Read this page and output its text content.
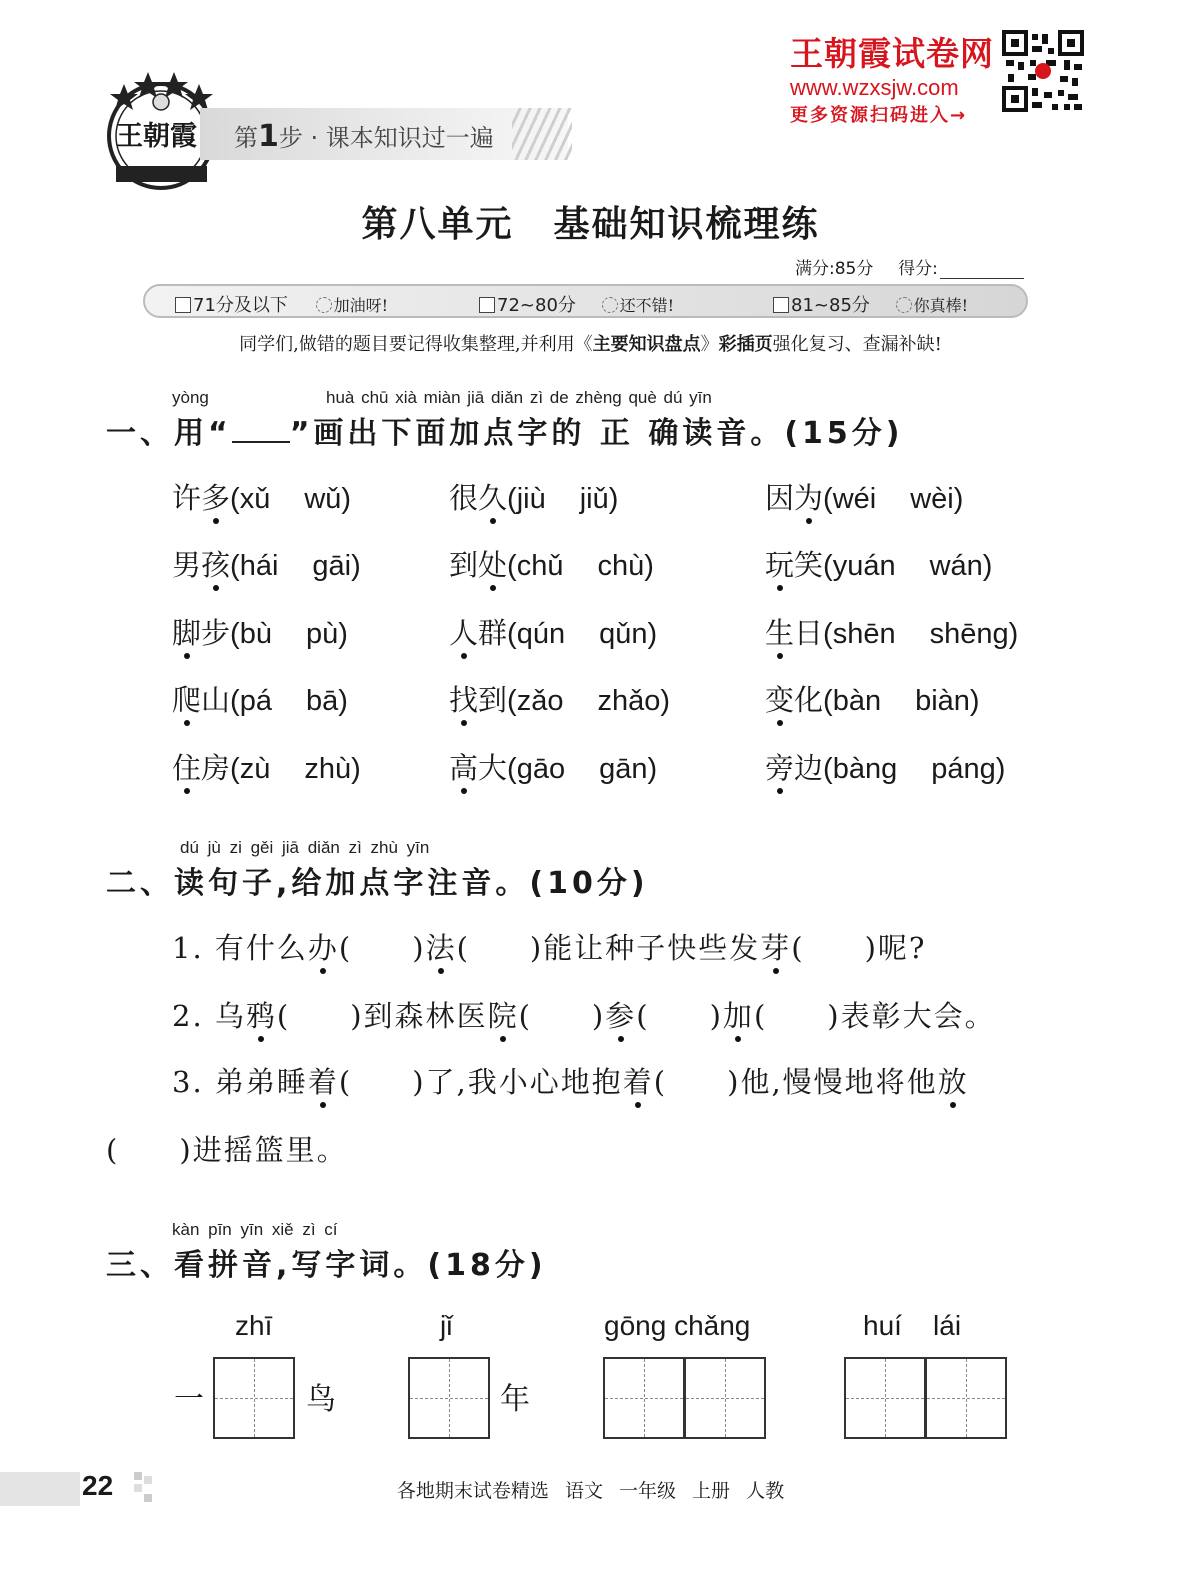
王朝霞 第1步 · 课本知识过一遍
王朝霞试卷网
www.wzxsjw.com
更多资源扫码进入→
第八单元 基础知识梳理练
满分:85分 得分:
71分及以下	加油呀!	72~80分	还不错!	81~85分	你真棒!
同学们,做错的题目要记得收集整理,并利用《主要知识盘点》彩插页强化复习、查漏补缺!
yòng	huà chū xià miàn jiā diǎn zì de zhèng què dú yīn
一、用“ ”画出下面加点字的 正 确读音。(15分)
许多(xǔ wǔ)	很久(jiù jiǔ)	因为(wéi wèi)
男孩(hái gāi)	到处(chǔ chù)	玩笑(yuán wán)
脚步(bù pù)	人群(qún qǔn)	生日(shēn shēng)
爬山(pá bā)	找到(zǎo zhǎo)	变化(bàn biàn)
住房(zù zhù)	高大(gāo gān)	旁边(bàng páng)
dú jù zi gěi jiā diǎn zì zhù yīn
二、读句子,给加点字注音。(10分)
1. 有什么办( )法( )能让种子快些发芽( )呢?
2. 乌鸦( )到森林医院( )参( )加( )表彰大会。
3. 弟弟睡着( )了,我小心地抱着( )他,慢慢地将他放
( )进摇篮里。
kàn pīn yīn xiě zì cí
三、看拼音,写字词。(18分)
zhī
一	鸟
jǐ
年
gōng chǎng	huí    lái
22	各地期末试卷精选 语文 一年级 上册 人教
